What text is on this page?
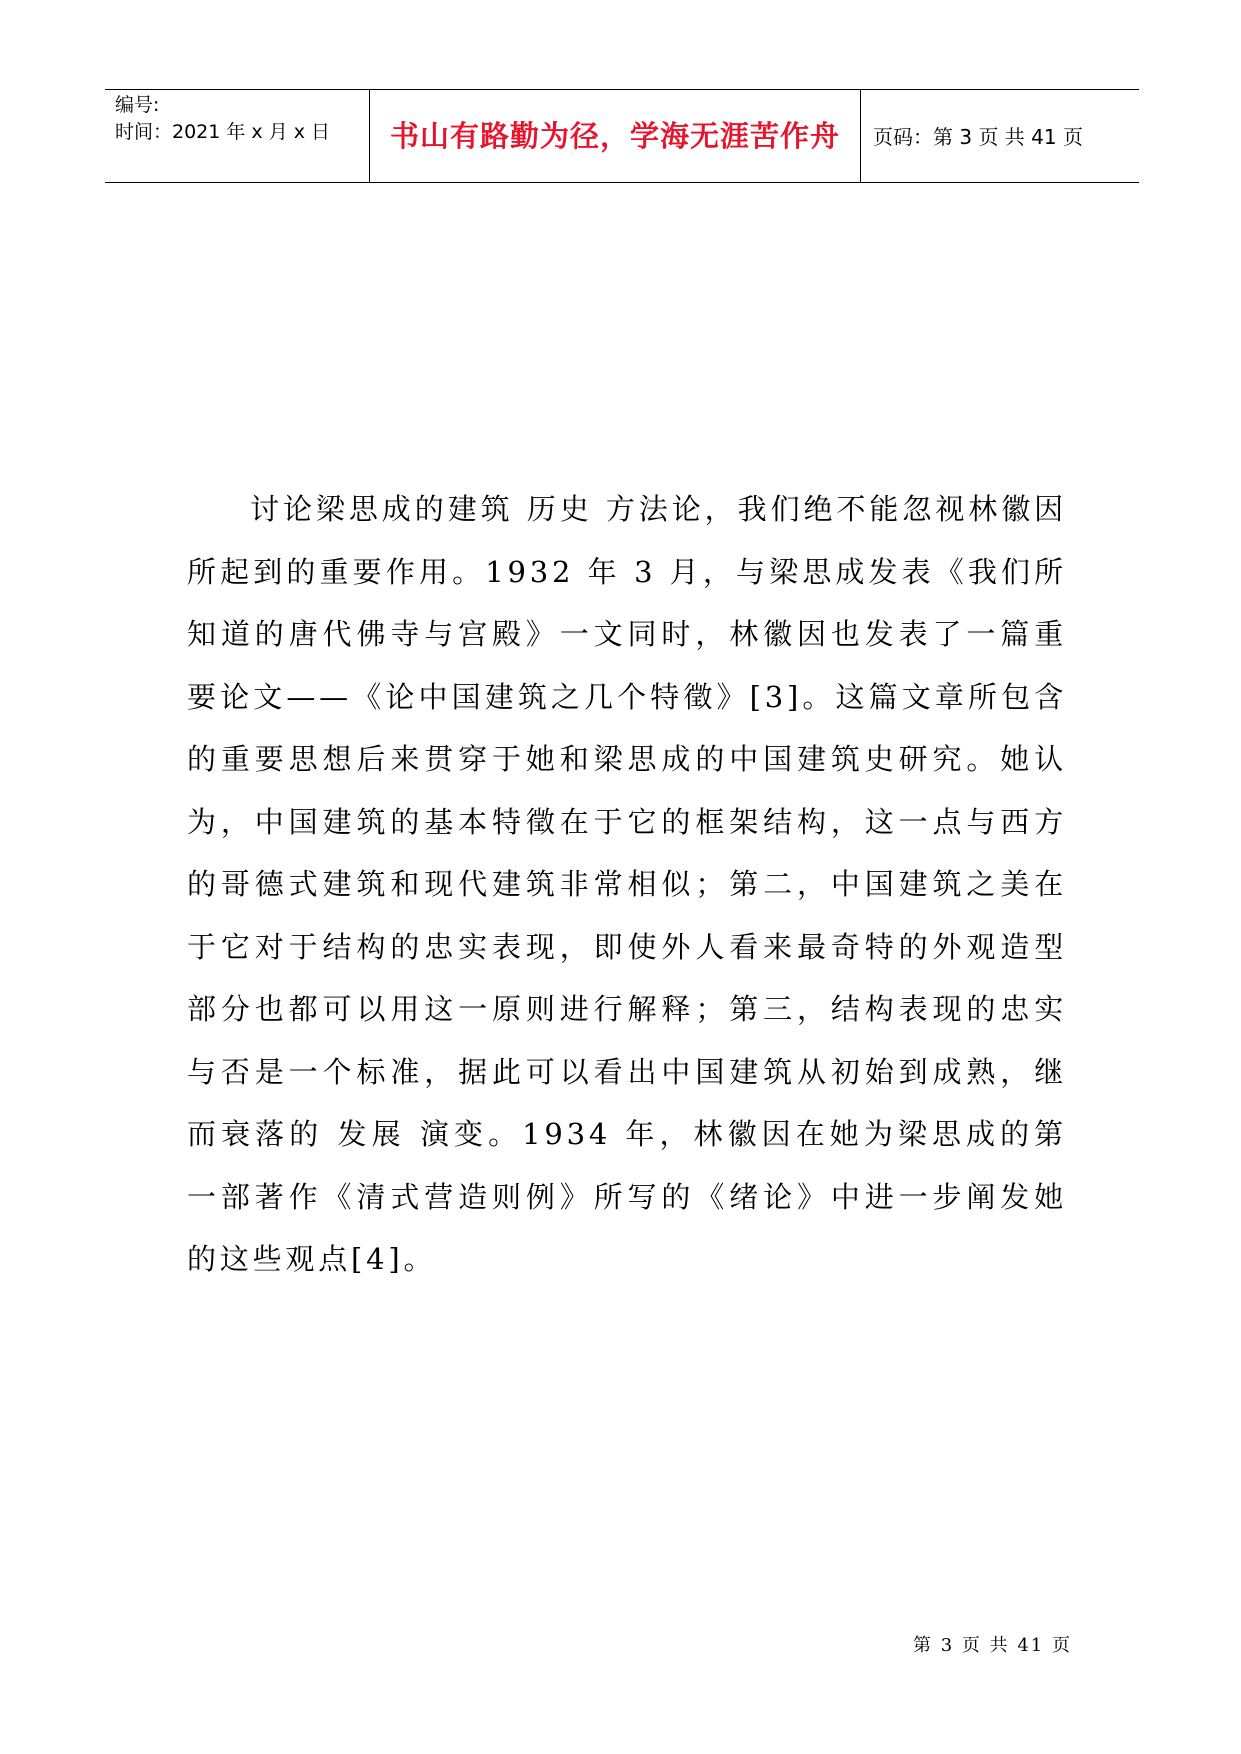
编号:
时间：2021 年 x 月 x 日	书山有路勤为径，学海无涯苦作舟	页码：第 3 页 共 41 页

讨论梁思成的建筑 历史 方法论，我们绝不能忽视林徽因所起到的重要作用。1932 年 3 月，与梁思成发表《我们所知道的唐代佛寺与宫殿》一文同时，林徽因也发表了一篇重要论文——《论中国建筑之几个特徵》[3]。这篇文章所包含的重要思想后来贯穿于她和梁思成的中国建筑史研究。她认为，中国建筑的基本特徵在于它的框架结构，这一点与西方的哥德式建筑和现代建筑非常相似；第二，中国建筑之美在于它对于结构的忠实表现，即使外人看来最奇特的外观造型部分也都可以用这一原则进行解释；第三，结构表现的忠实与否是一个标准，据此可以看出中国建筑从初始到成熟，继而衰落的 发展 演变。1934 年，林徽因在她为梁思成的第一部著作《清式营造则例》所写的《绪论》中进一步阐发她的这些观点[4]。

第 3 页 共 41 页
